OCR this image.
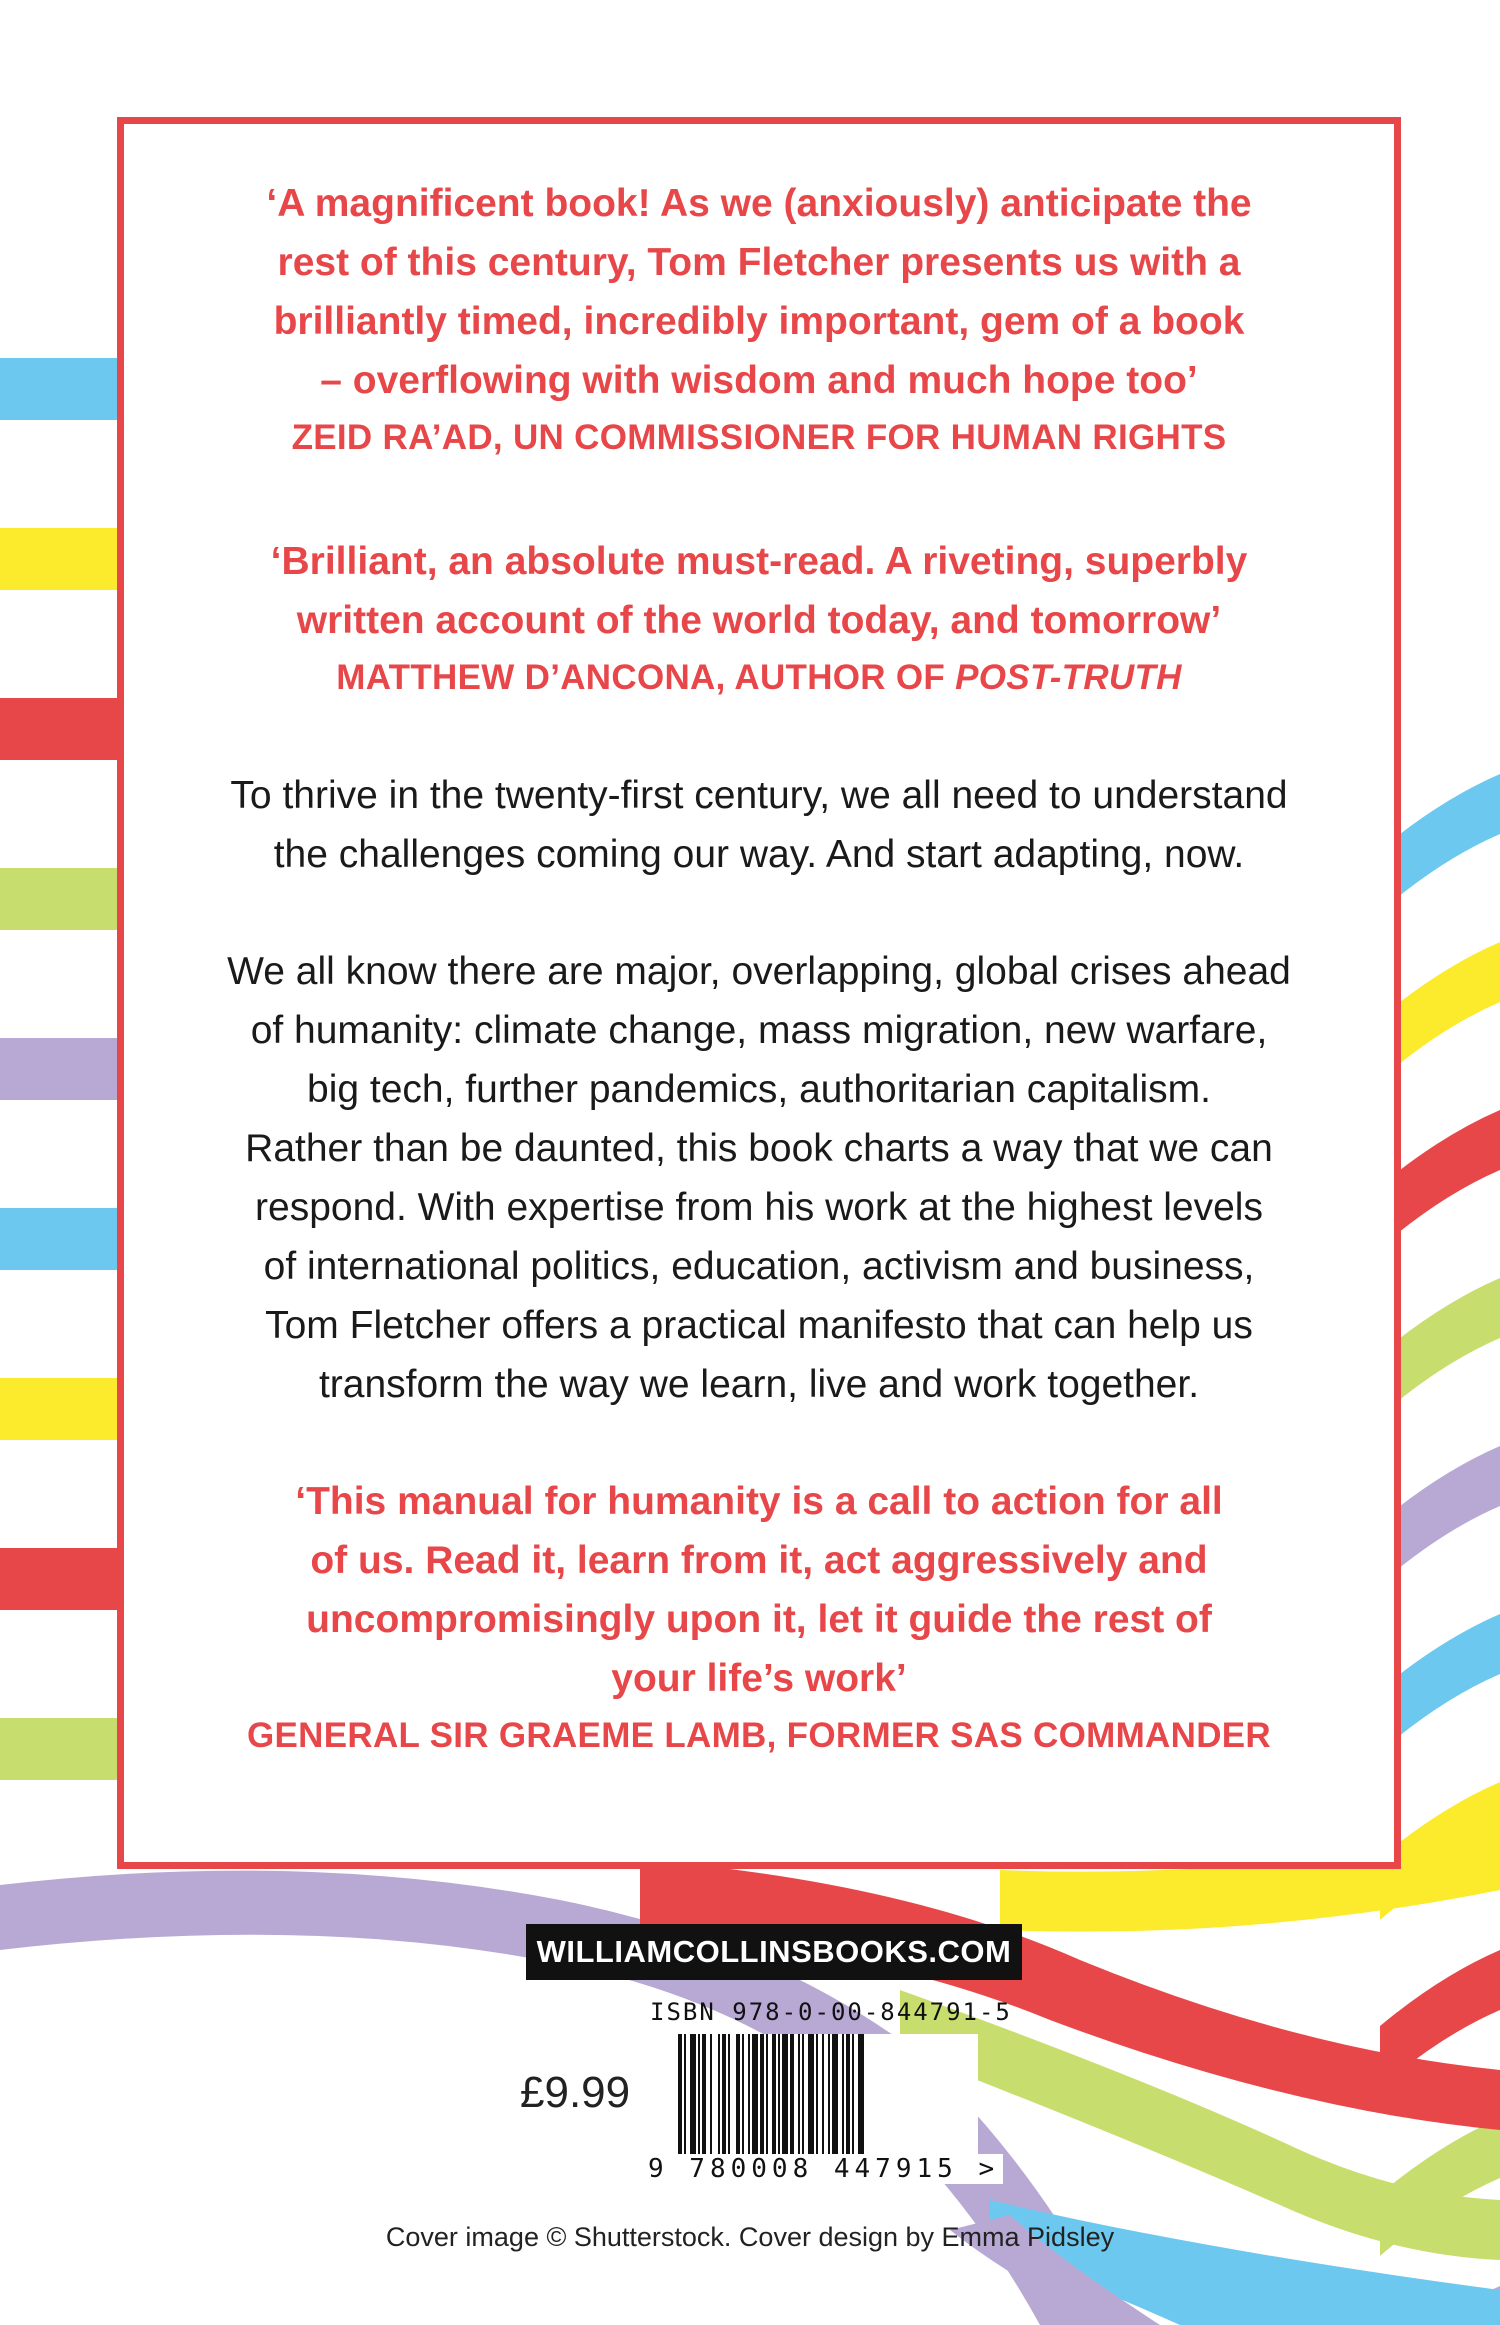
‘A magnificent book! As we (anxiously) anticipate the
rest of this century, Tom Fletcher presents us with a
brilliantly timed, incredibly important, gem of a book
– overflowing with wisdom and much hope too’

ZEID RA’AD, UN COMMISSIONER FOR HUMAN RIGHTS

‘Brilliant, an absolute must-read. A riveting, superbly
written account of the world today, and tomorrow’

MATTHEW D’ANCONA, AUTHOR OF POST-TRUTH

To thrive in the twenty-first century, we all need to understand
the challenges coming our way. And start adapting, now.

We all know there are major, overlapping, global crises ahead
of humanity: climate change, mass migration, new warfare,
big tech, further pandemics, authoritarian capitalism.
Rather than be daunted, this book charts a way that we can
respond. With expertise from his work at the highest levels
of international politics, education, activism and business,
Tom Fletcher offers a practical manifesto that can help us
transform the way we learn, live and work together.

‘This manual for humanity is a call to action for all
of us. Read it, learn from it, act aggressively and
uncompromisingly upon it, let it guide the rest of
your life’s work’

GENERAL SIR GRAEME LAMB, FORMER SAS COMMANDER

WILLIAMCOLLINSBOOKS.COM
ISBN 978-0-00-844791-5
£9.99
9 780008 447915 >
Cover image © Shutterstock. Cover design by Emma Pidsley
